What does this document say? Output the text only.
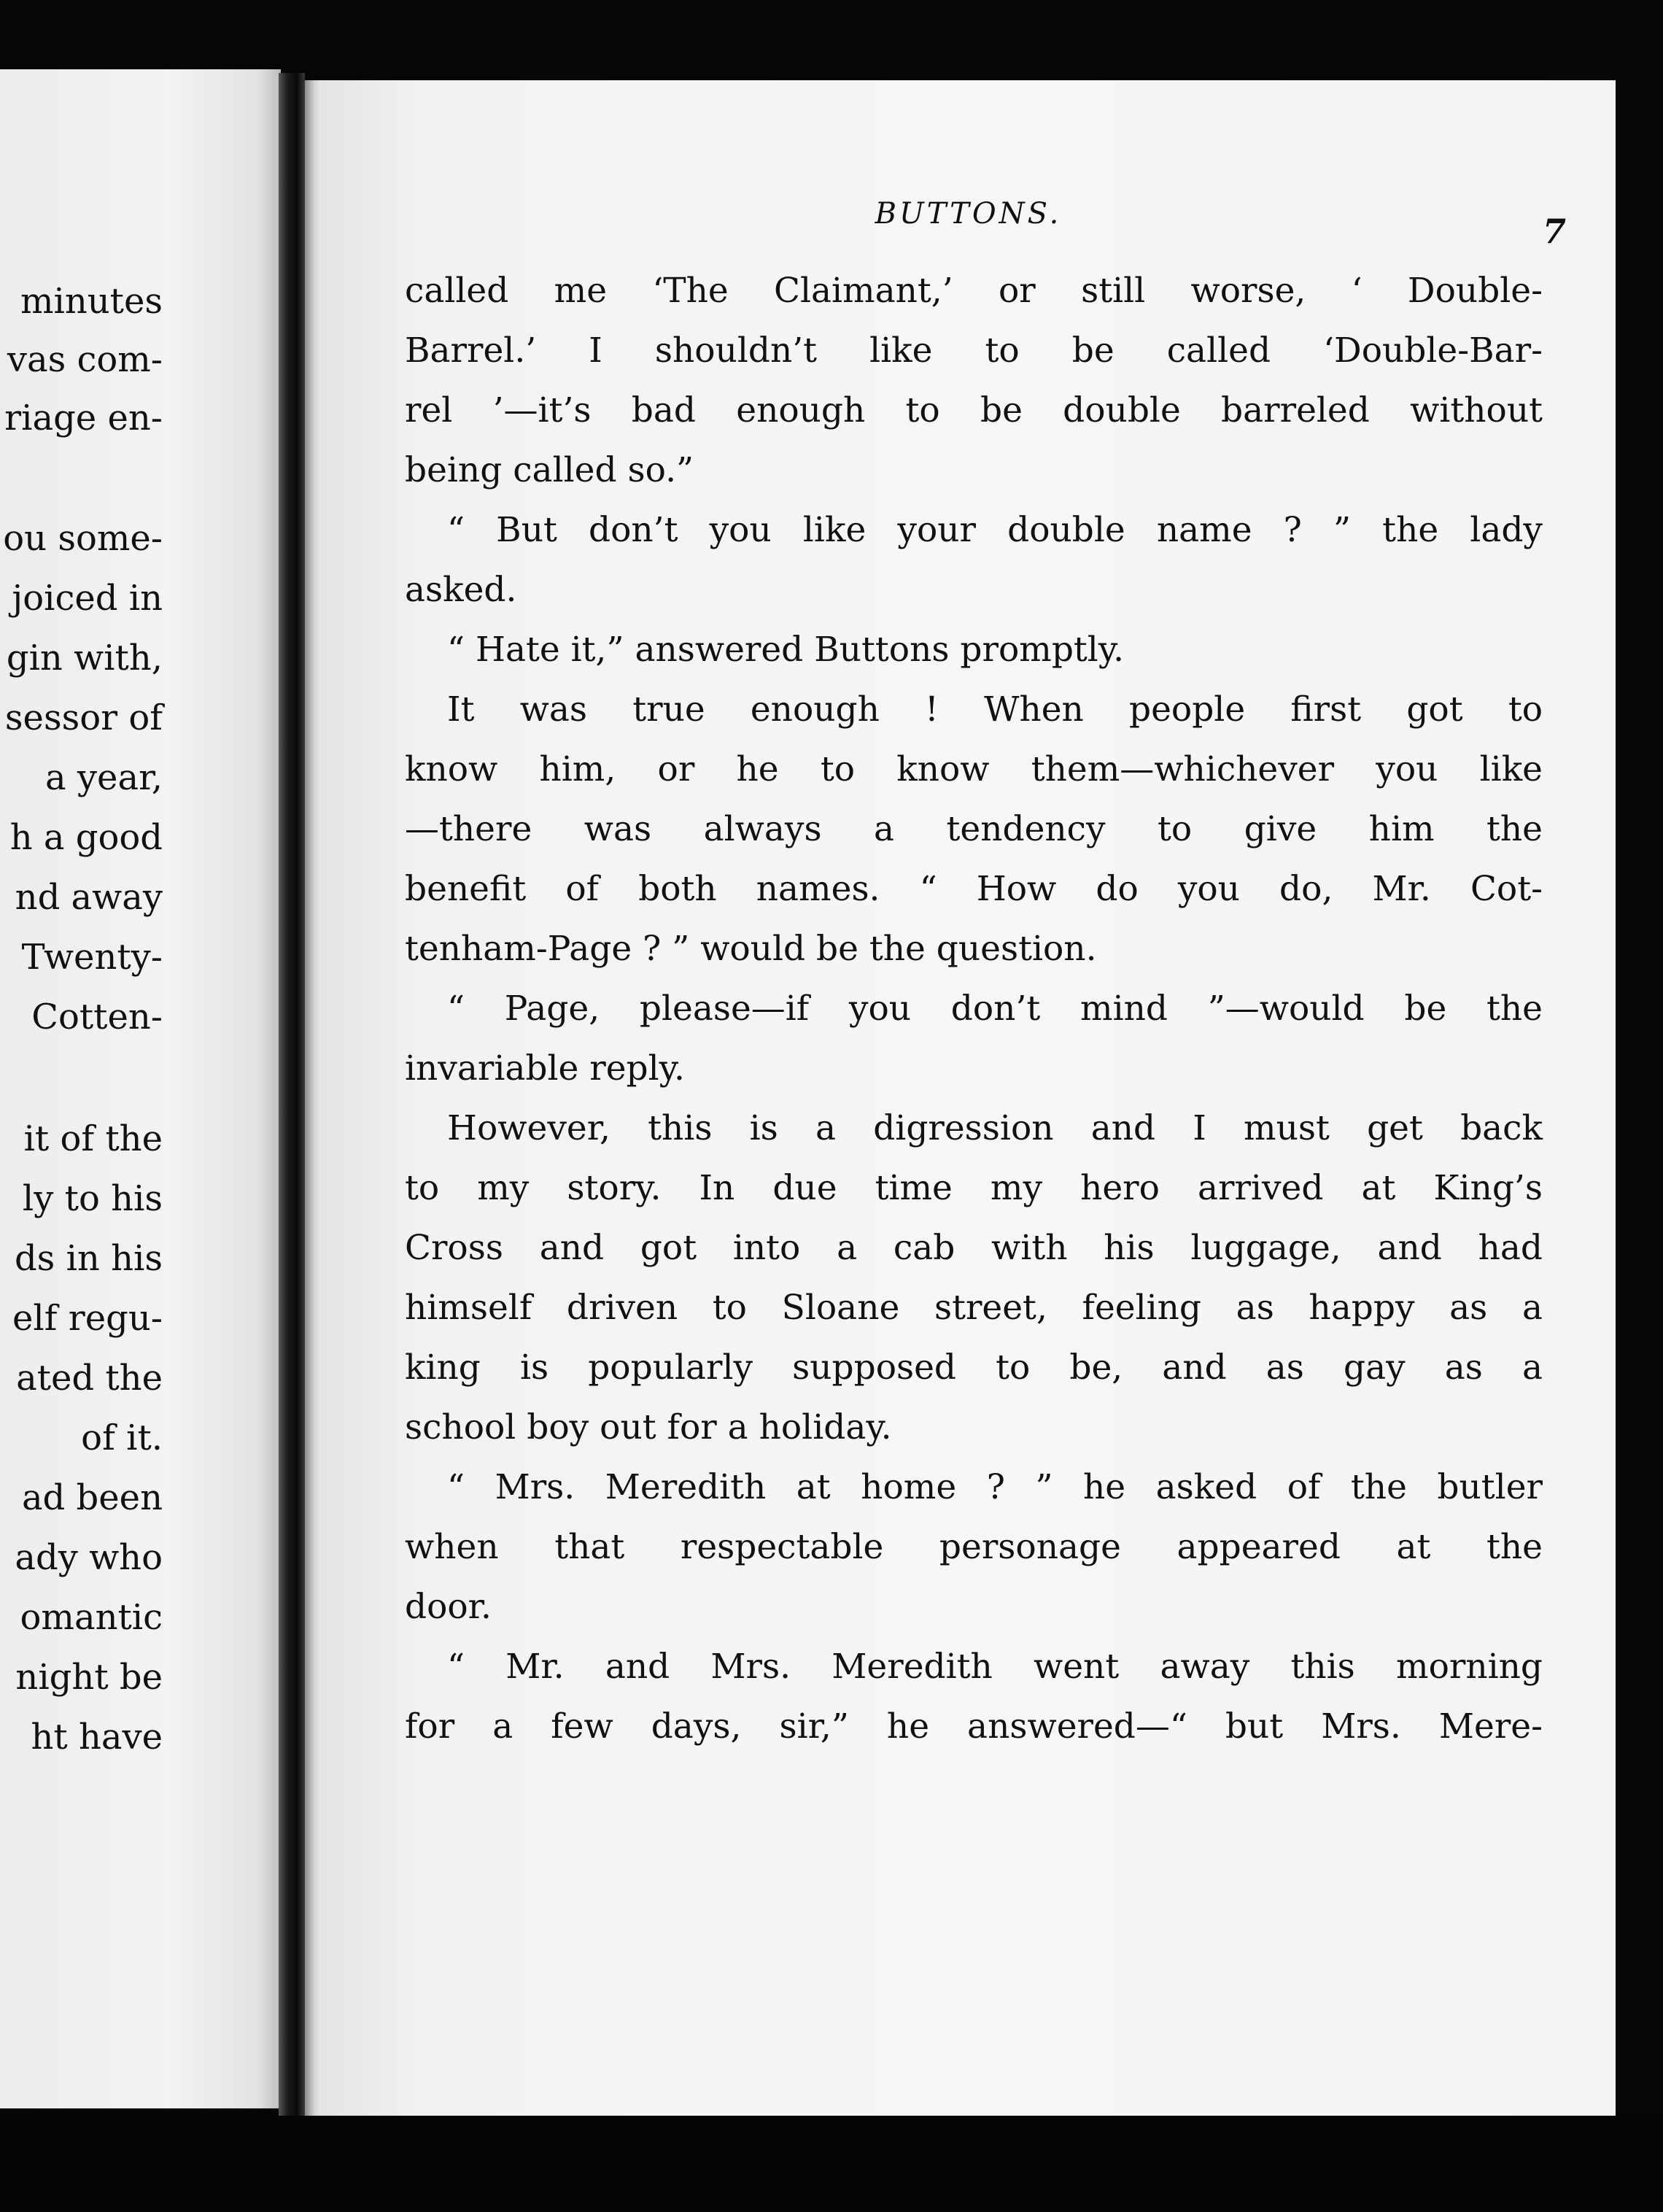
minutes
vas com-
riage en-
ou some-
joiced in
gin with,
sessor of
a year,
h a good
nd away
Twenty-
Cotten-
it of the
ly to his
ds in his
elf regu-
ated the
of it.
ad been
ady who
omantic
night be
ht have
BUTTONS.	7
called me ‘The Claimant,’ or still worse, ‘ Double-
Barrel.’ I shouldn’t like to be called ‘Double-Bar-
rel ’—it’s bad enough to be double barreled without
being called so.”
“ But don’t you like your double name ? ” the lady
asked.
“ Hate it,” answered Buttons promptly.
It was true enough ! When people first got to
know him, or he to know them—whichever you like
—there was always a tendency to give him the
benefit of both names. “ How do you do, Mr. Cot-
tenham-Page ? ” would be the question.
“ Page, please—if you don’t mind ”—would be the
invariable reply.
However, this is a digression and I must get back
to my story. In due time my hero arrived at King’s
Cross and got into a cab with his luggage, and had
himself driven to Sloane street, feeling as happy as a
king is popularly supposed to be, and as gay as a
school boy out for a holiday.
“ Mrs. Meredith at home ? ” he asked of the butler
when that respectable personage appeared at the
door.
“ Mr. and Mrs. Meredith went away this morning
for a few days, sir,” he answered—“ but Mrs. Mere-
